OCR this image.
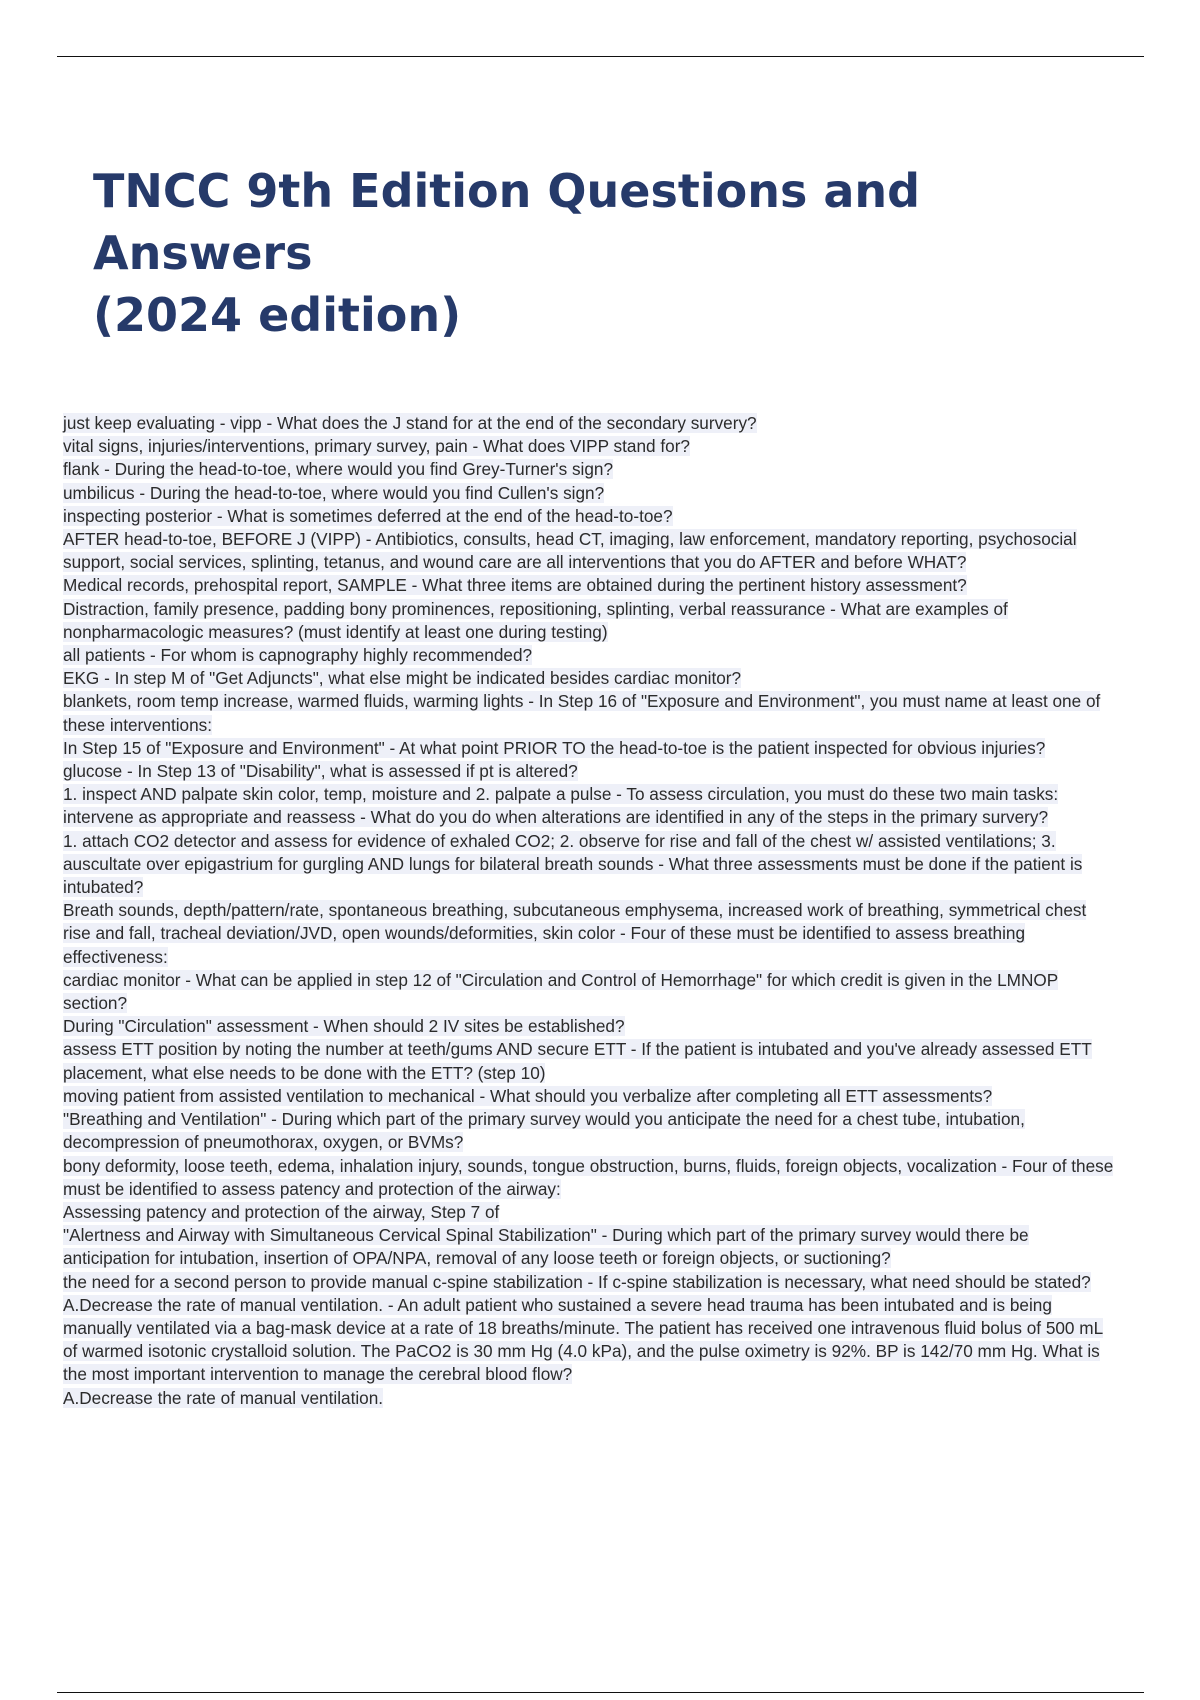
TNCC 9th Edition Questions and Answers
(2024 edition)
just keep evaluating - vipp - What does the J stand for at the end of the secondary survery?
vital signs, injuries/interventions, primary survey, pain - What does VIPP stand for?
flank - During the head-to-toe, where would you find Grey-Turner's sign?
umbilicus - During the head-to-toe, where would you find Cullen's sign?
inspecting posterior - What is sometimes deferred at the end of the head-to-toe?
AFTER head-to-toe, BEFORE J (VIPP) - Antibiotics, consults, head CT, imaging, law enforcement, mandatory reporting, psychosocial support, social services, splinting, tetanus, and wound care are all interventions that you do AFTER and before WHAT?
Medical records, prehospital report, SAMPLE - What three items are obtained during the pertinent history assessment?
Distraction, family presence, padding bony prominences, repositioning, splinting, verbal reassurance - What are examples of nonpharmacologic measures? (must identify at least one during testing)
all patients - For whom is capnography highly recommended?
EKG - In step M of "Get Adjuncts", what else might be indicated besides cardiac monitor?
blankets, room temp increase, warmed fluids, warming lights - In Step 16 of "Exposure and Environment", you must name at least one of these interventions:
In Step 15 of "Exposure and Environment" - At what point PRIOR TO the head-to-toe is the patient inspected for obvious injuries?
glucose - In Step 13 of "Disability", what is assessed if pt is altered?
1. inspect AND palpate skin color, temp, moisture and 2. palpate a pulse - To assess circulation, you must do these two main tasks:
intervene as appropriate and reassess - What do you do when alterations are identified in any of the steps in the primary survery?
1. attach CO2 detector and assess for evidence of exhaled CO2; 2. observe for rise and fall of the chest w/ assisted ventilations; 3. auscultate over epigastrium for gurgling AND lungs for bilateral breath sounds - What three assessments must be done if the patient is intubated?
Breath sounds, depth/pattern/rate, spontaneous breathing, subcutaneous emphysema, increased work of breathing, symmetrical chest rise and fall, tracheal deviation/JVD, open wounds/deformities, skin color - Four of these must be identified to assess breathing effectiveness:
cardiac monitor - What can be applied in step 12 of "Circulation and Control of Hemorrhage" for which credit is given in the LMNOP section?
During "Circulation" assessment - When should 2 IV sites be established?
assess ETT position by noting the number at teeth/gums AND secure ETT - If the patient is intubated and you've already assessed ETT placement, what else needs to be done with the ETT? (step 10)
moving patient from assisted ventilation to mechanical - What should you verbalize after completing all ETT assessments?
"Breathing and Ventilation" - During which part of the primary survey would you anticipate the need for a chest tube, intubation, decompression of pneumothorax, oxygen, or BVMs?
bony deformity, loose teeth, edema, inhalation injury, sounds, tongue obstruction, burns, fluids, foreign objects, vocalization - Four of these must be identified to assess patency and protection of the airway:
Assessing patency and protection of the airway, Step 7 of
"Alertness and Airway with Simultaneous Cervical Spinal Stabilization" - During which part of the primary survey would there be anticipation for intubation, insertion of OPA/NPA, removal of any loose teeth or foreign objects, or suctioning?
the need for a second person to provide manual c-spine stabilization - If c-spine stabilization is necessary, what need should be stated?
A.Decrease the rate of manual ventilation. - An adult patient who sustained a severe head trauma has been intubated and is being manually ventilated via a bag-mask device at a rate of 18 breaths/minute. The patient has received one intravenous fluid bolus of 500 mL of warmed isotonic crystalloid solution. The PaCO2 is 30 mm Hg (4.0 kPa), and the pulse oximetry is 92%. BP is 142/70 mm Hg. What is the most important intervention to manage the cerebral blood flow?
A.Decrease the rate of manual ventilation.
